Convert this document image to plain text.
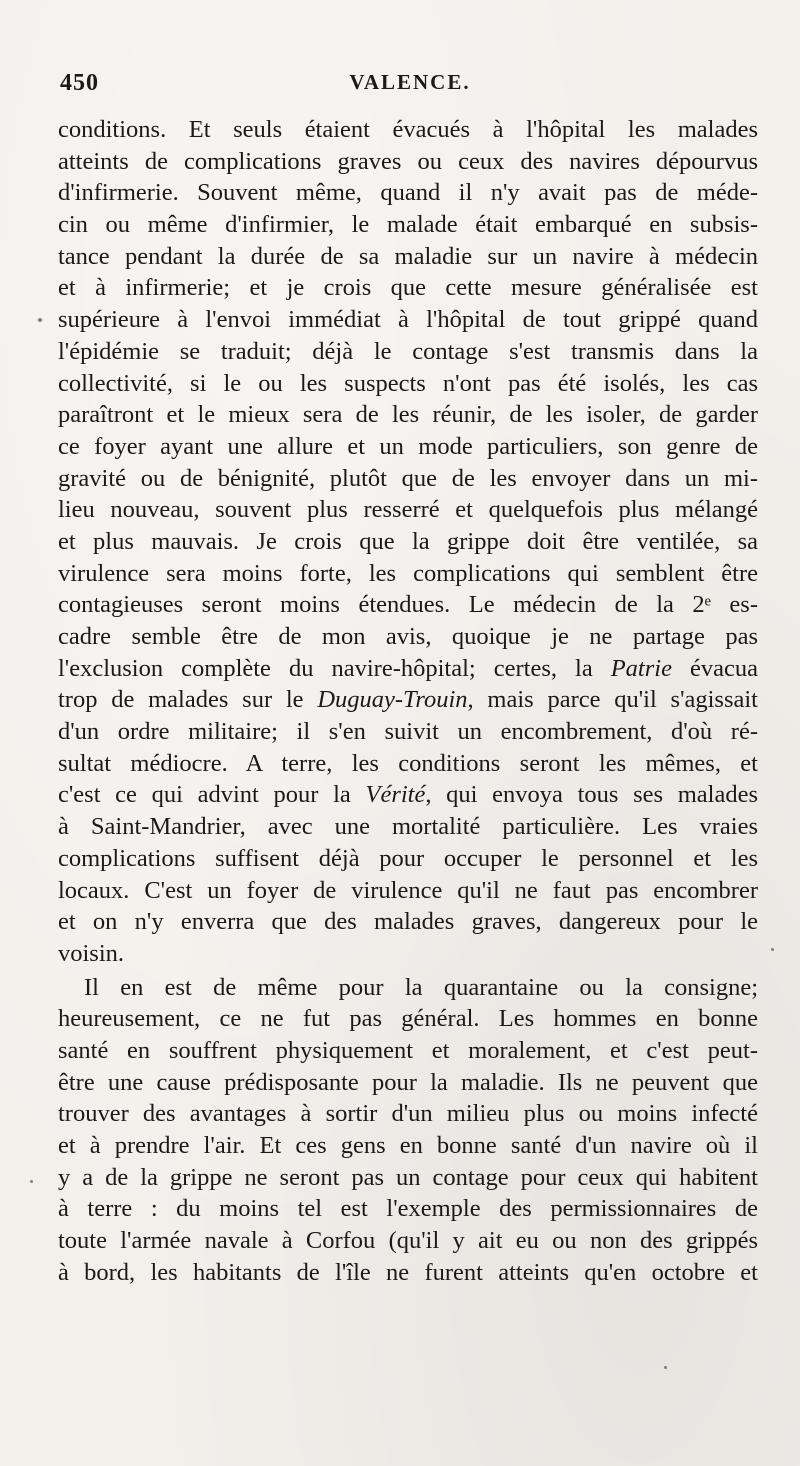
450	VALENCE.
conditions. Et seuls étaient évacués à l'hôpital les malades
atteints de complications graves ou ceux des navires dépourvus
d'infirmerie. Souvent même, quand il n'y avait pas de méde-
cin ou même d'infirmier, le malade était embarqué en subsis-
tance pendant la durée de sa maladie sur un navire à médecin
et à infirmerie; et je crois que cette mesure généralisée est
supérieure à l'envoi immédiat à l'hôpital de tout grippé quand
l'épidémie se traduit; déjà le contage s'est transmis dans la
collectivité, si le ou les suspects n'ont pas été isolés, les cas
paraîtront et le mieux sera de les réunir, de les isoler, de garder
ce foyer ayant une allure et un mode particuliers, son genre de
gravité ou de bénignité, plutôt que de les envoyer dans un mi-
lieu nouveau, souvent plus resserré et quelquefois plus mélangé
et plus mauvais. Je crois que la grippe doit être ventilée, sa
virulence sera moins forte, les complications qui semblent être
contagieuses seront moins étendues. Le médecin de la 2ᵉ es-
cadre semble être de mon avis, quoique je ne partage pas
l'exclusion complète du navire-hôpital; certes, la Patrie évacua
trop de malades sur le Duguay-Trouin, mais parce qu'il s'agissait
d'un ordre militaire; il s'en suivit un encombrement, d'où ré-
sultat médiocre. A terre, les conditions seront les mêmes, et
c'est ce qui advint pour la Vérité, qui envoya tous ses malades
à Saint-Mandrier, avec une mortalité particulière. Les vraies
complications suffisent déjà pour occuper le personnel et les
locaux. C'est un foyer de virulence qu'il ne faut pas encombrer
et on n'y enverra que des malades graves, dangereux pour le
voisin.
Il en est de même pour la quarantaine ou la consigne;
heureusement, ce ne fut pas général. Les hommes en bonne
santé en souffrent physiquement et moralement, et c'est peut-
être une cause prédisposante pour la maladie. Ils ne peuvent que
trouver des avantages à sortir d'un milieu plus ou moins infecté
et à prendre l'air. Et ces gens en bonne santé d'un navire où il
y a de la grippe ne seront pas un contage pour ceux qui habitent
à terre : du moins tel est l'exemple des permissionnaires de
toute l'armée navale à Corfou (qu'il y ait eu ou non des grippés
à bord, les habitants de l'île ne furent atteints qu'en octobre et
